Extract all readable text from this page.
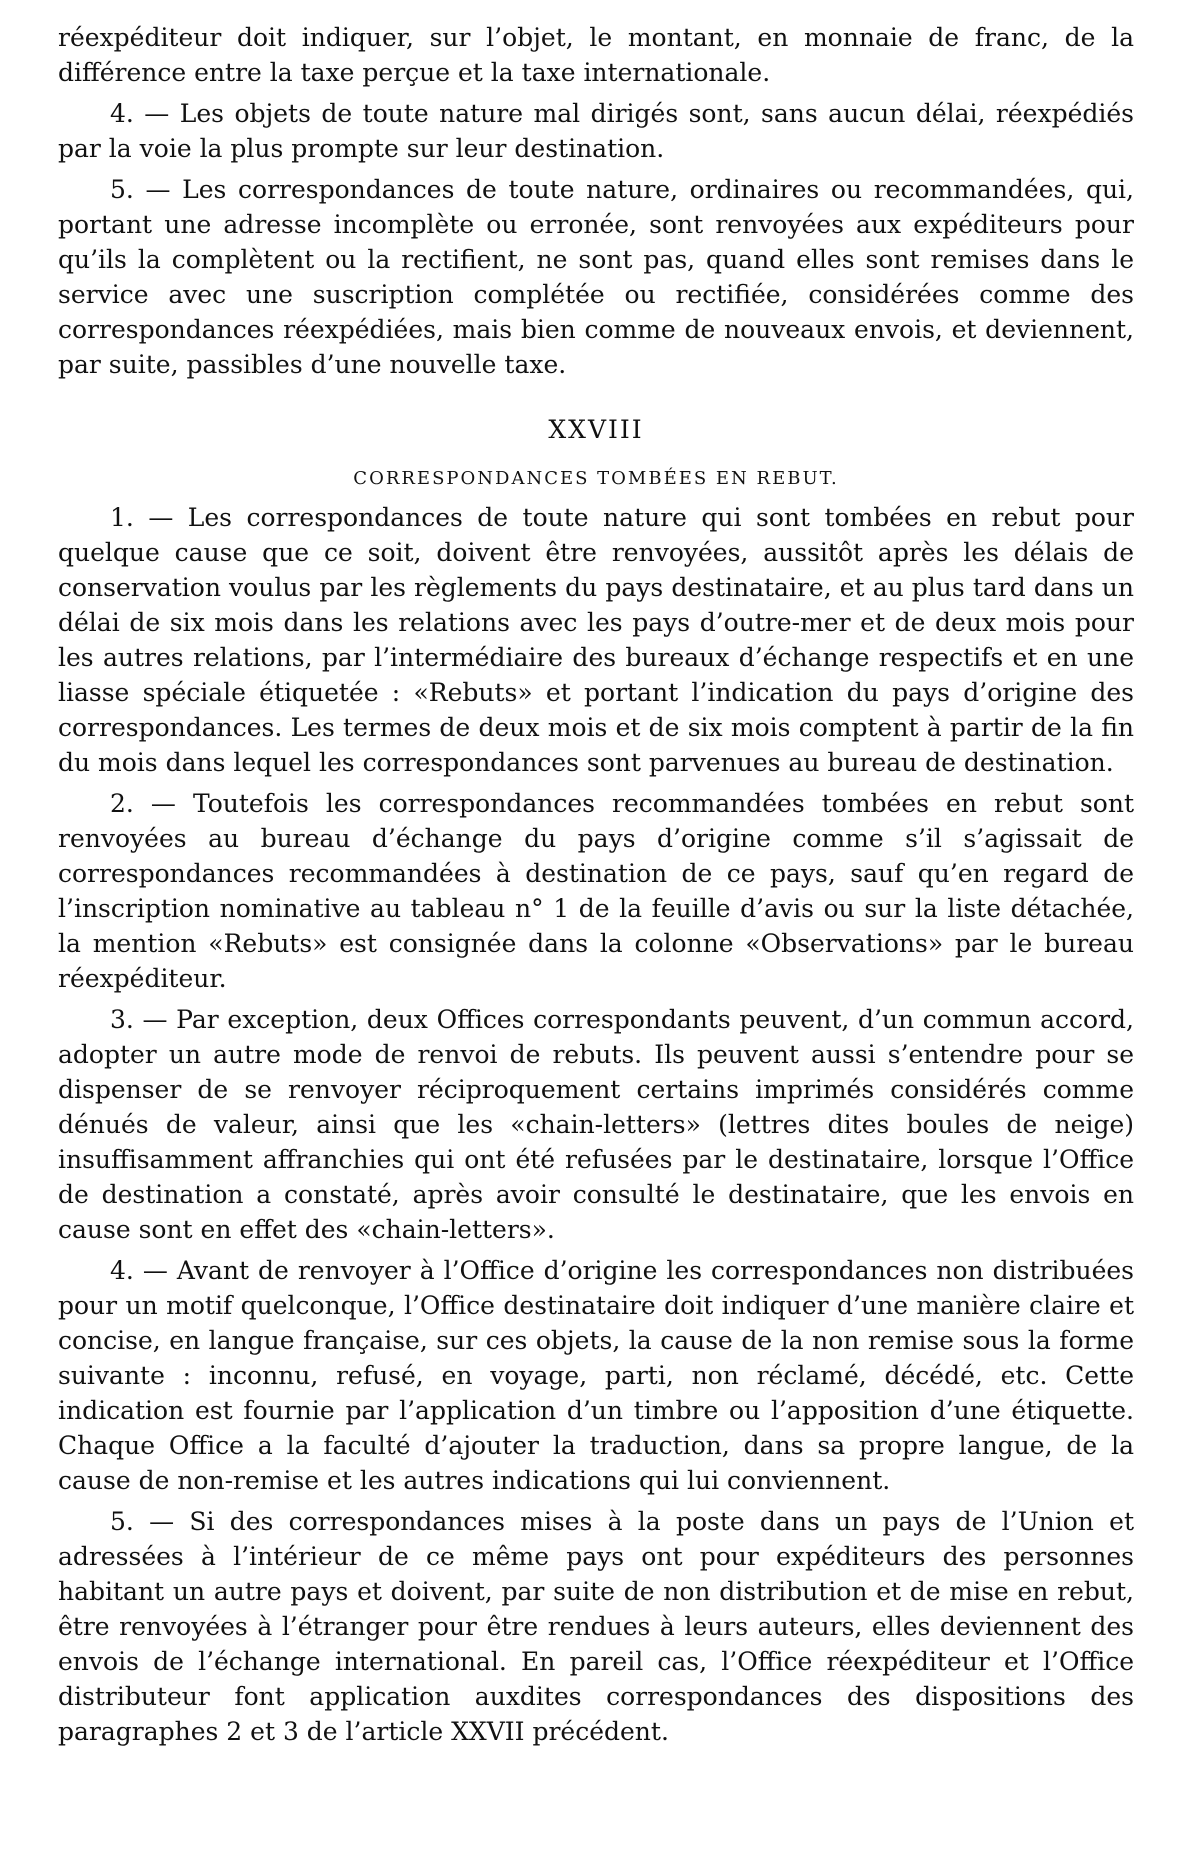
réexpéditeur doit indiquer, sur l’objet, le montant, en monnaie de franc, de la différence entre la taxe perçue et la taxe internationale.

4. — Les objets de toute nature mal dirigés sont, sans aucun délai, réexpédiés par la voie la plus prompte sur leur destination.

5. — Les correspondances de toute nature, ordinaires ou recommandées, qui, portant une adresse incomplète ou erronée, sont renvoyées aux expéditeurs pour qu’ils la complètent ou la rectifient, ne sont pas, quand elles sont remises dans le service avec une suscription complétée ou rectifiée, considérées comme des correspondances réexpédiées, mais bien comme de nouveaux envois, et deviennent, par suite, passibles d’une nouvelle taxe.

XXVIII
CORRESPONDANCES TOMBÉES EN REBUT.

1. — Les correspondances de toute nature qui sont tombées en rebut pour quelque cause que ce soit, doivent être renvoyées, aussitôt après les délais de conservation voulus par les règlements du pays destinataire, et au plus tard dans un délai de six mois dans les relations avec les pays d’outre-mer et de deux mois pour les autres relations, par l’intermédiaire des bureaux d’échange respectifs et en une liasse spéciale étiquetée : «Rebuts» et portant l’indication du pays d’origine des correspondances. Les termes de deux mois et de six mois comptent à partir de la fin du mois dans lequel les correspondances sont parvenues au bureau de destination.

2. — Toutefois les correspondances recommandées tombées en rebut sont renvoyées au bureau d’échange du pays d’origine comme s’il s’agissait de correspondances recommandées à destination de ce pays, sauf qu’en regard de l’inscription nominative au tableau n° 1 de la feuille d’avis ou sur la liste détachée, la mention «Rebuts» est consignée dans la colonne «Observations» par le bureau réexpéditeur.

3. — Par exception, deux Offices correspondants peuvent, d’un commun accord, adopter un autre mode de renvoi de rebuts. Ils peuvent aussi s’entendre pour se dispenser de se renvoyer réciproquement certains imprimés considérés comme dénués de valeur, ainsi que les «chain-letters» (lettres dites boules de neige) insuffisamment affranchies qui ont été refusées par le destinataire, lorsque l’Office de destination a constaté, après avoir consulté le destinataire, que les envois en cause sont en effet des «chain-letters».

4. — Avant de renvoyer à l’Office d’origine les correspondances non distribuées pour un motif quelconque, l’Office destinataire doit indiquer d’une manière claire et concise, en langue française, sur ces objets, la cause de la non remise sous la forme suivante : inconnu, refusé, en voyage, parti, non réclamé, décédé, etc. Cette indication est fournie par l’application d’un timbre ou l’apposition d’une étiquette. Chaque Office a la faculté d’ajouter la traduction, dans sa propre langue, de la cause de non-remise et les autres indications qui lui conviennent.

5. — Si des correspondances mises à la poste dans un pays de l’Union et adressées à l’intérieur de ce même pays ont pour expéditeurs des personnes habitant un autre pays et doivent, par suite de non distribution et de mise en rebut, être renvoyées à l’étranger pour être rendues à leurs auteurs, elles deviennent des envois de l’échange international. En pareil cas, l’Office réexpéditeur et l’Office distributeur font application auxdites correspondances des dispositions des paragraphes 2 et 3 de l’article XXVII précédent.
